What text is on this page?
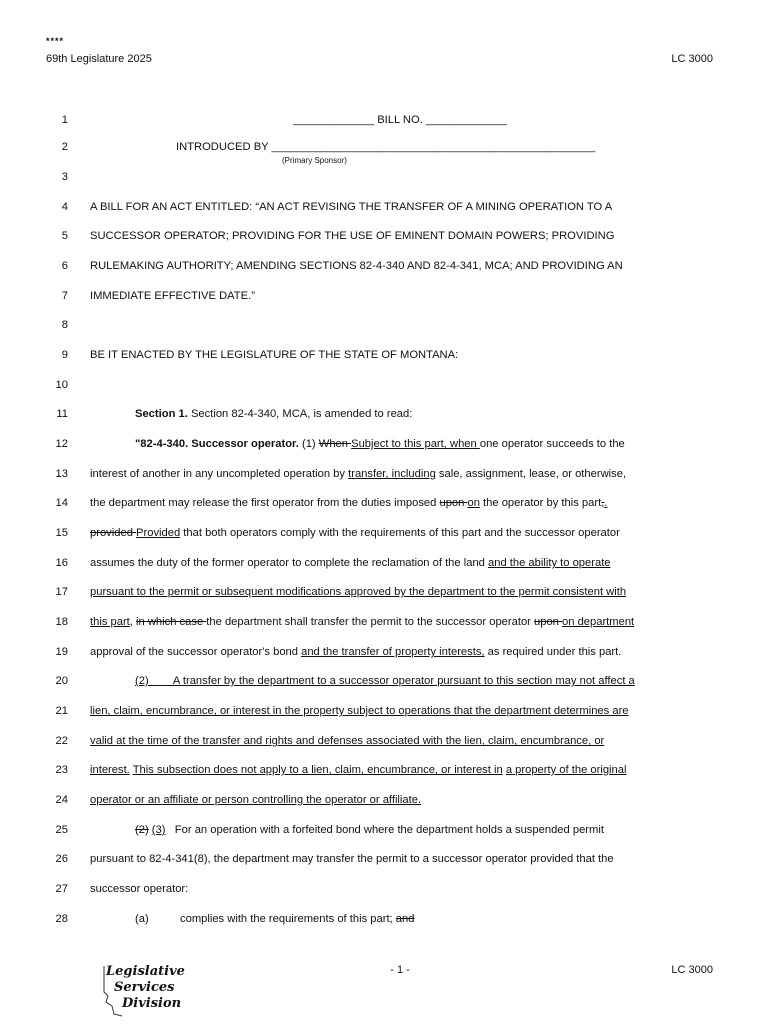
****
69th Legislature 2025	LC 3000
1	_____________ BILL NO. _____________
2	INTRODUCED BY ____________________________________________________
(Primary Sponsor)
3
4 A BILL FOR AN ACT ENTITLED: “AN ACT REVISING THE TRANSFER OF A MINING OPERATION TO A
5 SUCCESSOR OPERATOR; PROVIDING FOR THE USE OF EMINENT DOMAIN POWERS; PROVIDING
6 RULEMAKING AUTHORITY; AMENDING SECTIONS 82-4-340 AND 82-4-341, MCA; AND PROVIDING AN
7 IMMEDIATE EFFECTIVE DATE.”
8
9 BE IT ENACTED BY THE LEGISLATURE OF THE STATE OF MONTANA:
10
11	Section 1. Section 82-4-340, MCA, is amended to read:
12	"82-4-340. Successor operator. (1) When Subject to this part, when one operator succeeds to the
13 interest of another in any uncompleted operation by transfer, including sale, assignment, lease, or otherwise,
14 the department may release the first operator from the duties imposed upon on the operator by this part,.
15 provided Provided that both operators comply with the requirements of this part and the successor operator
16 assumes the duty of the former operator to complete the reclamation of the land and the ability to operate
17 pursuant to the permit or subsequent modifications approved by the department to the permit consistent with
18 this part, in which case the department shall transfer the permit to the successor operator upon on department
19 approval of the successor operator's bond and the transfer of property interests, as required under this part.
20	(2)        A transfer by the department to a successor operator pursuant to this section may not affect a
21 lien, claim, encumbrance, or interest in the property subject to operations that the department determines are
22 valid at the time of the transfer and rights and defenses associated with the lien, claim, encumbrance, or
23 interest. This subsection does not apply to a lien, claim, encumbrance, or interest in a property of the original
24 operator or an affiliate or person controlling the operator or affiliate.
25	(2) (3)   For an operation with a forfeited bond where the department holds a suspended permit
26 pursuant to 82-4-341(8), the department may transfer the permit to a successor operator provided that the
27 successor operator:
28	(a)	complies with the requirements of this part; and
Legislative
Services
Division
- 1 -	LC 3000
